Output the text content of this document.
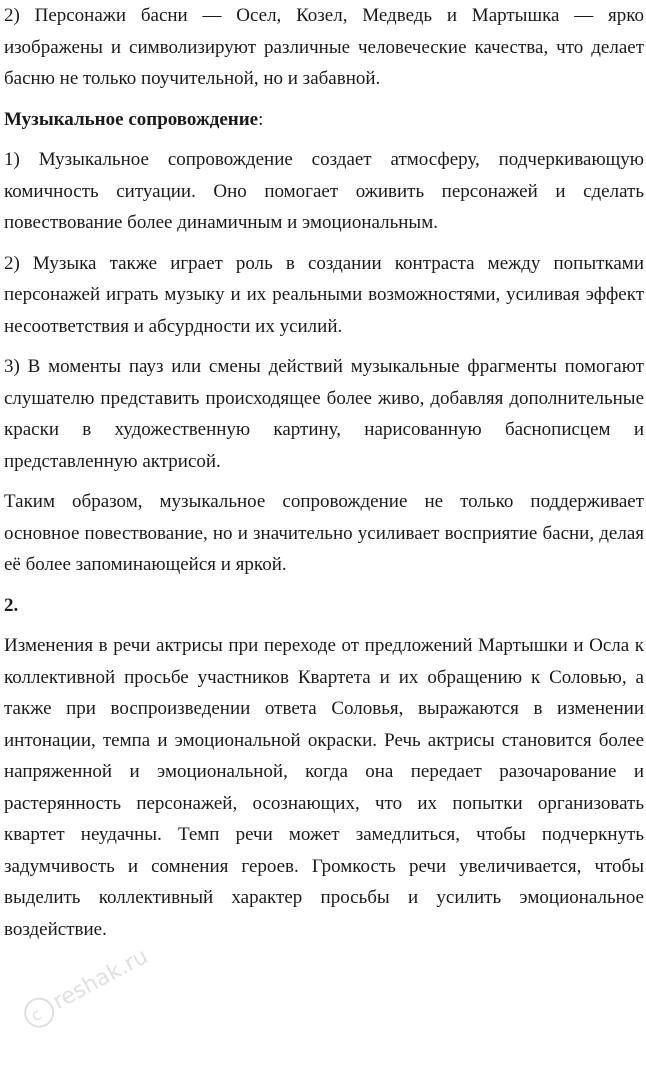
2) Персонажи басни — Осел, Козел, Медведь и Мартышка — ярко изображены и символизируют различные человеческие качества, что делает басню не только поучительной, но и забавной.

Музыкальное сопровождение:

1) Музыкальное сопровождение создает атмосферу, подчеркивающую комичность ситуации. Оно помогает оживить персонажей и сделать повествование более динамичным и эмоциональным.

2) Музыка также играет роль в создании контраста между попытками персонажей играть музыку и их реальными возможностями, усиливая эффект несоответствия и абсурдности их усилий.

3) В моменты пауз или смены действий музыкальные фрагменты помогают слушателю представить происходящее более живо, добавляя дополнительные краски в художественную картину, нарисованную баснописцем и представленную актрисой.

Таким образом, музыкальное сопровождение не только поддерживает основное повествование, но и значительно усиливает восприятие басни, делая её более запоминающейся и яркой.

2.

Изменения в речи актрисы при переходе от предложений Мартышки и Осла к коллективной просьбе участников Квартета и их обращению к Соловью, а также при воспроизведении ответа Соловья, выражаются в изменении интонации, темпа и эмоциональной окраски. Речь актрисы становится более напряженной и эмоциональной, когда она передает разочарование и растерянность персонажей, осознающих, что их попытки организовать квартет неудачны. Темп речи может замедлиться, чтобы подчеркнуть задумчивость и сомнения героев. Громкость речи увеличивается, чтобы выделить коллективный характер просьбы и усилить эмоциональное воздействие.

с reshak.ru
